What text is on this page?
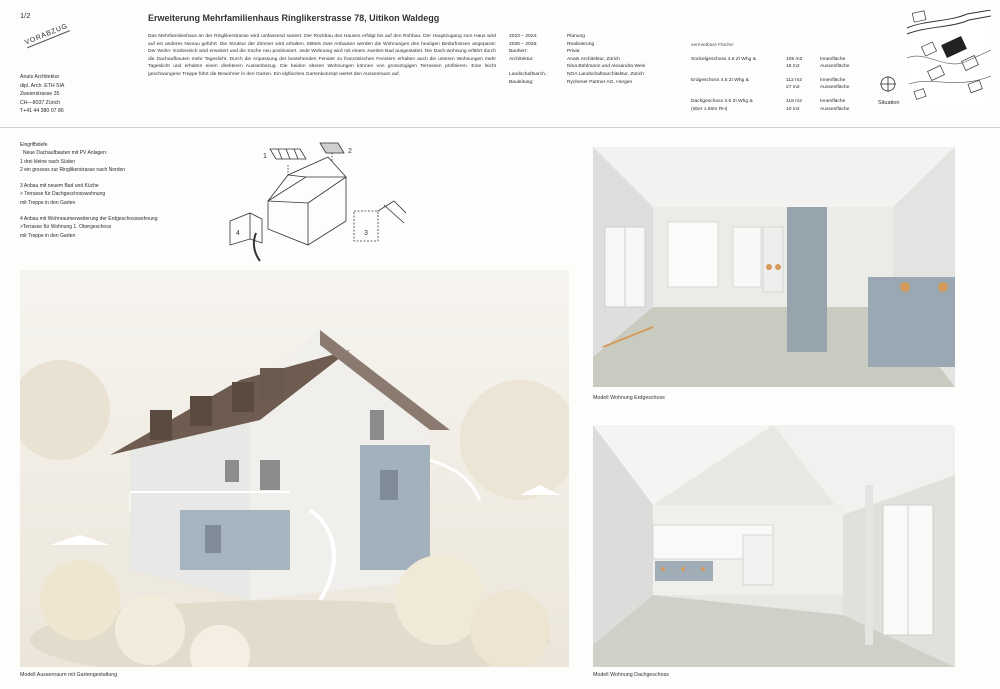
1/2
VORABZUG
Anaïs Architektur
dipl. Arch. ETH SIA
Zweierstrasse 35
CH—8037 Zürich
T+41 44 380 07 86
Erweiterung Mehrfamilienhaus Ringlikerstrasse 78, Uitikon Waldegg
Das Mehrfamilienhaus an der Ringlikerstrasse wird umfassend saniert. Der Rückbau des Hauses erfolgt bis auf den Rohbau. Der Hauptzugang zum Haus wird auf ein anderes Niveau geführt. Die Struktur der Zimmer wird erhalten. Mittels zwei Anbauten werden die Wohnungen den heutigen Bedürfnissen angepasst: Der Wohn- Essbereich wird erweitert und die Küche neu positioniert. Jede Wohnung wird mit einem zweiten Bad ausgestattet. Die Dach-wohnung erfährt durch die Dachaufbauten mehr Tageslicht. Durch die Anpassung der bestehenden Fenster zu französischen Fenstern erhalten auch die unteren Wohnungen mehr Tageslicht und erhalten einen direkteren Aussenbezug. Die beiden oberen Wohnungen können von grosszügigen Terrassen profitieren. Eine leicht geschwungene Treppe führt die Bewohner in den Garten. Ein idyllisches Gartenkonzept wertet den Aussenraum auf.
2023 – 2024:	Planung
2025 – 2026:	Realisierung
Bauherr:	Privat
Architektur:	Anaïs Architektur, Zürich
Nina Bühlmann und Alexandra Weis
Landschaftsarch.:	NOA Landschaftsarchitektur, Zürich
Bauleitung:	Rychener Partner AG, Horgen
vermietbare Fläche:
Sockelgeschoss 4.5 Zi Whg &	105 m2	Innenfläche
16 m2	Aussenfläche
Erdgeschoss 4.5 Zi Whg &	112 m2	Innenfläche
27 m2	Aussenfläche
Dachgeschoss 3.5 Zi Whg &	118 m2	Innenfläche
(über 1.60m RH)	10 m2	Aussenfläche
Situation
Eingriffstiefe
Neue Dachaufbauten mit PV Anlagen:
1 drei kleine nach Süden
2 ein grosses zur Ringlikerstrasse nach Norden
3 Anbau mit neuem Bad und Küche
> Terrasse für Dachgeschosswohnung
mit Treppe in den Garten
4 Anbau mit Wohnraumerweiterung der Erdgeschosswohnung
>Terrasse für Wohnung 1. Obergeschoss
mit Treppe in den Garten
1
2
3
4
Modell Aussenraum mit Gartengestaltung
Modell Wohnung Erdgeschoss
Modell Wohnung Dachgeschoss
